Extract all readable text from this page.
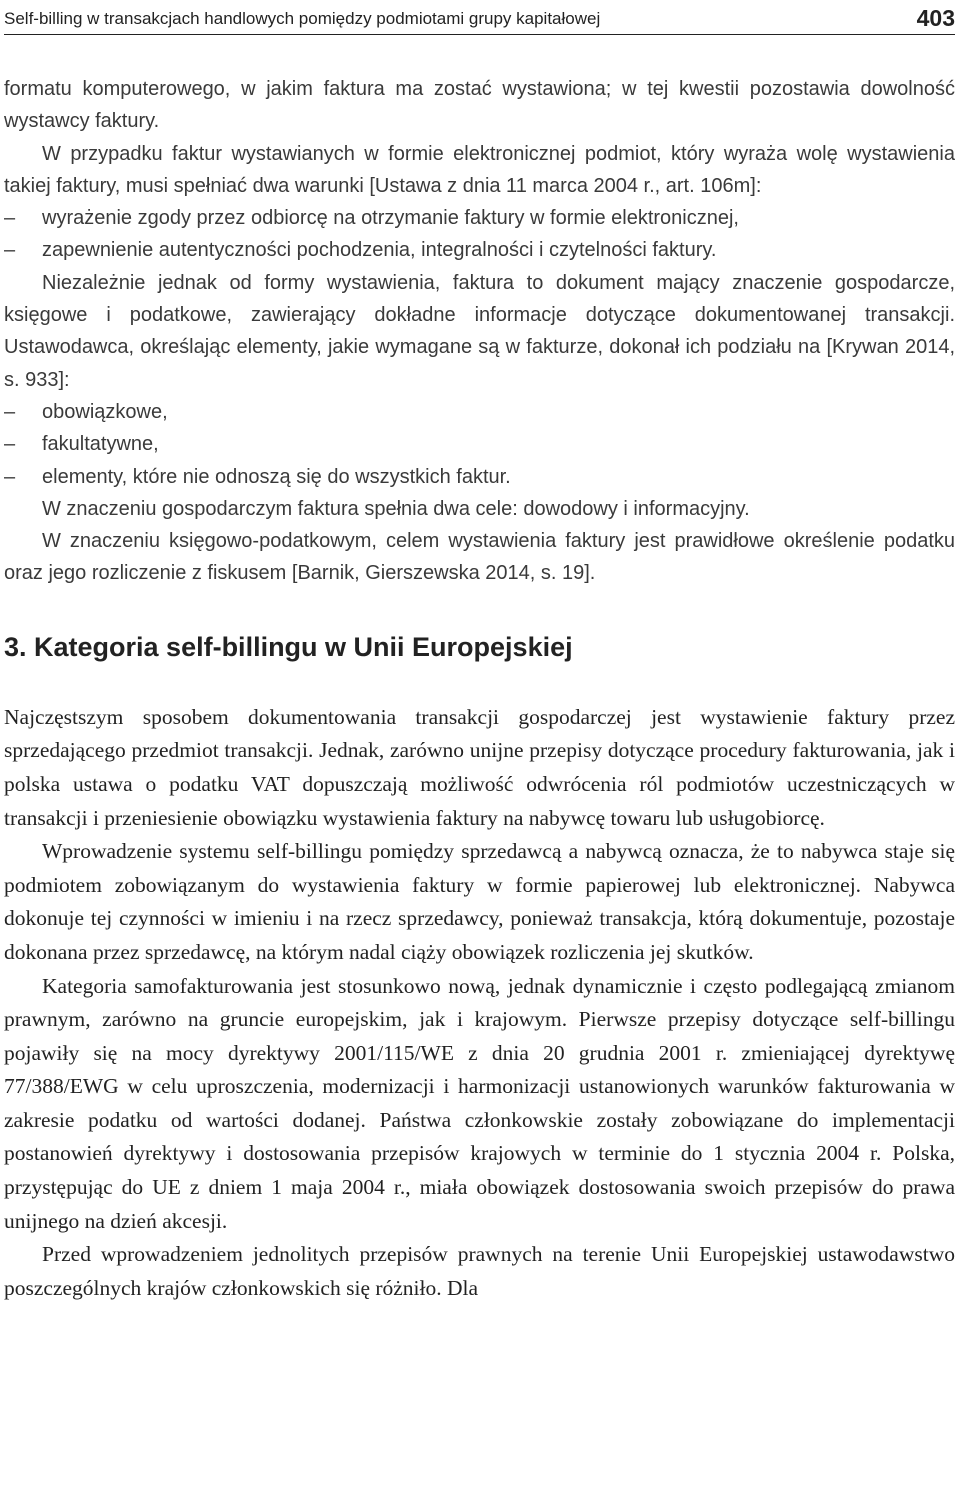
Self-billing w transakcjach handlowych pomiędzy podmiotami grupy kapitałowej	403

formatu komputerowego, w jakim faktura ma zostać wystawiona; w tej kwestii pozostawia dowolność wystawcy faktury.

W przypadku faktur wystawianych w formie elektronicznej podmiot, który wyraża wolę wystawienia takiej faktury, musi spełniać dwa warunki [Ustawa z dnia 11 marca 2004 r., art. 106m]:

–	wyrażenie zgody przez odbiorcę na otrzymanie faktury w formie elektronicznej,
–	zapewnienie autentyczności pochodzenia, integralności i czytelności faktury.

Niezależnie jednak od formy wystawienia, faktura to dokument mający znaczenie gospodarcze, księgowe i podatkowe, zawierający dokładne informacje dotyczące dokumentowanej transakcji. Ustawodawca, określając elementy, jakie wymagane są w fakturze, dokonał ich podziału na [Krywan 2014, s. 933]:

–	obowiązkowe,
–	fakultatywne,
–	elementy, które nie odnoszą się do wszystkich faktur.

W znaczeniu gospodarczym faktura spełnia dwa cele: dowodowy i informacyjny.

W znaczeniu księgowo-podatkowym, celem wystawienia faktury jest prawidłowe określenie podatku oraz jego rozliczenie z fiskusem [Barnik, Gierszewska 2014, s. 19].

3. Kategoria self-billingu w Unii Europejskiej

Najczęstszym sposobem dokumentowania transakcji gospodarczej jest wystawienie faktury przez sprzedającego przedmiot transakcji. Jednak, zarówno unijne przepisy dotyczące procedury fakturowania, jak i polska ustawa o podatku VAT dopuszczają możliwość odwrócenia ról podmiotów uczestniczących w transakcji i przeniesienie obowiązku wystawienia faktury na nabywcę towaru lub usługobiorcę.

Wprowadzenie systemu self-billingu pomiędzy sprzedawcą a nabywcą oznacza, że to nabywca staje się podmiotem zobowiązanym do wystawienia faktury w formie papierowej lub elektronicznej. Nabywca dokonuje tej czynności w imieniu i na rzecz sprzedawcy, ponieważ transakcja, którą dokumentuje, pozostaje dokonana przez sprzedawcę, na którym nadal ciąży obowiązek rozliczenia jej skutków.

Kategoria samofakturowania jest stosunkowo nową, jednak dynamicznie i często podlegającą zmianom prawnym, zarówno na gruncie europejskim, jak i krajowym. Pierwsze przepisy dotyczące self-billingu pojawiły się na mocy dyrektywy 2001/115/WE z dnia 20 grudnia 2001 r. zmieniającej dyrektywę 77/388/EWG w celu uproszczenia, modernizacji i harmonizacji ustanowionych warunków fakturowania w zakresie podatku od wartości dodanej. Państwa członkowskie zostały zobowiązane do implementacji postanowień dyrektywy i dostosowania przepisów krajowych w terminie do 1 stycznia 2004 r. Polska, przystępując do UE z dniem 1 maja 2004 r., miała obowiązek dostosowania swoich przepisów do prawa unijnego na dzień akcesji.

Przed wprowadzeniem jednolitych przepisów prawnych na terenie Unii Europejskiej ustawodawstwo poszczególnych krajów członkowskich się różniło. Dla
